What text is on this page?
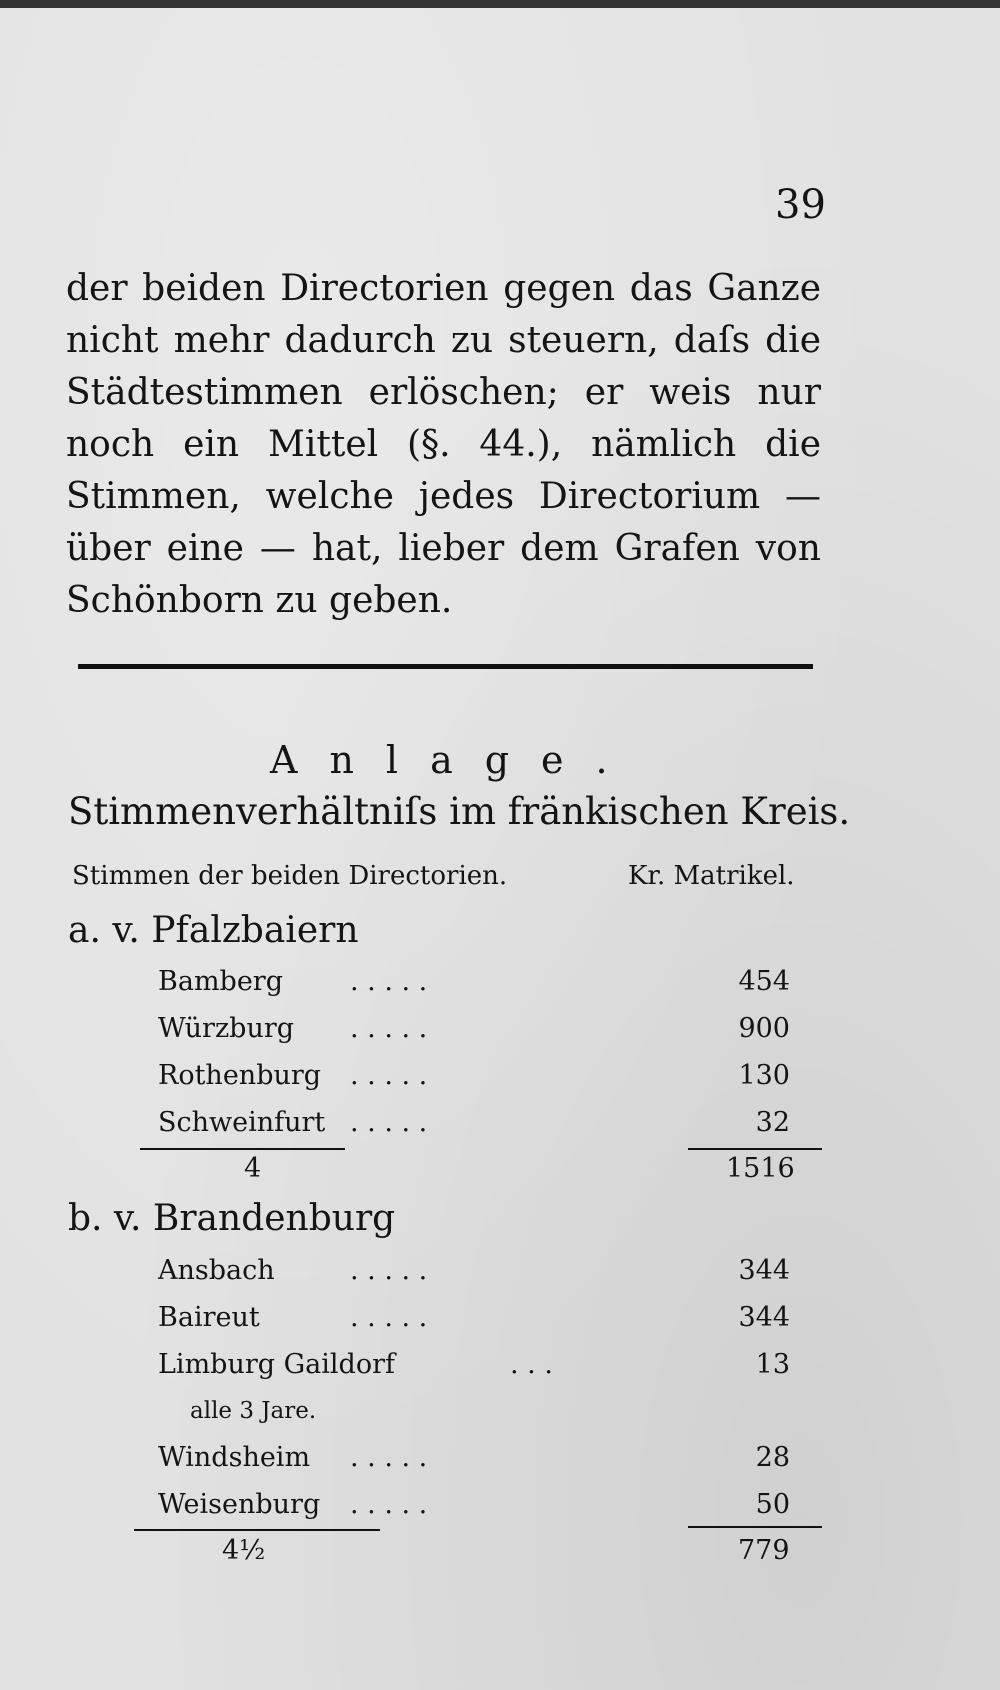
39
der beiden Directorien gegen das Ganze
nicht mehr dadurch zu steuern, daſs die
Städtestimmen erlöschen; er weis nur
noch ein Mittel (§. 44.), nämlich die
Stimmen, welche jedes Directorium —
über eine — hat, lieber dem Grafen von
Schönborn zu geben.
Anlage.
Stimmenverhältniſs im fränkischen Kreis.
Stimmen der beiden Directorien.	Kr. Matrikel.
a. v. Pfalzbaiern
Bamberg . . . . .	454
Würzburg . . . . .	900
Rothenburg . . . . .	130
Schweinfurt . . . . .	32
4	1516
b. v. Brandenburg
Ansbach	. . . . .	344
Baireut	. . . . .	344
Limburg Gaildorf	. . .	13
alle 3 Jare.
Windsheim . . . . .	28
Weisenburg . . . . .	50
4½	779
